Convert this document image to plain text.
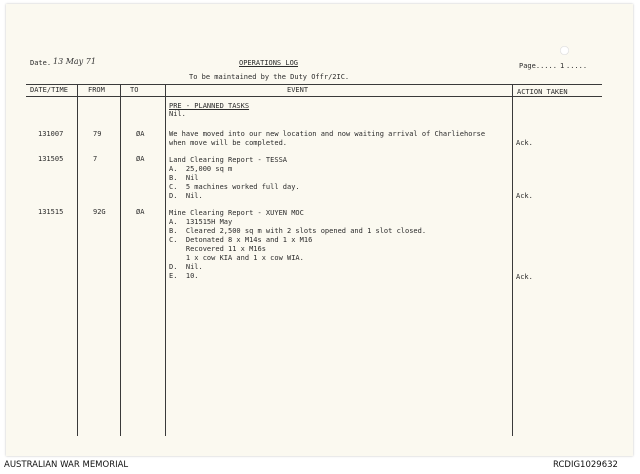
Date. 13 May 71	OPERATIONS LOG
To be maintained by the Duty Offr/2IC.
Page..... 1 .....
DATE/TIME	FROM	TO	EVENT	ACTION TAKEN
PRE - PLANNED TASKS
Nil.
131007	79	ØA	We have moved into our new location and now waiting arrival of Charliehorse
when move will be completed.	Ack.
131505	7	ØA	Land Clearing Report - TESSA
A.  25,000 sq m
B.  Nil
C.  5 machines worked full day.
D.  Nil.	Ack.
131515	92G	ØA	Mine Clearing Report - XUYEN MOC
A.  131515H May
B.  Cleared 2,500 sq m with 2 slots opened and 1 slot closed.
C.  Detonated 8 x M14s and 1 x M16
Recovered 11 x M16s
1 x cow KIA and 1 x cow WIA.
D.  Nil.
E.  10.	Ack.
AUSTRALIAN WAR MEMORIAL	RCDIG1029632
